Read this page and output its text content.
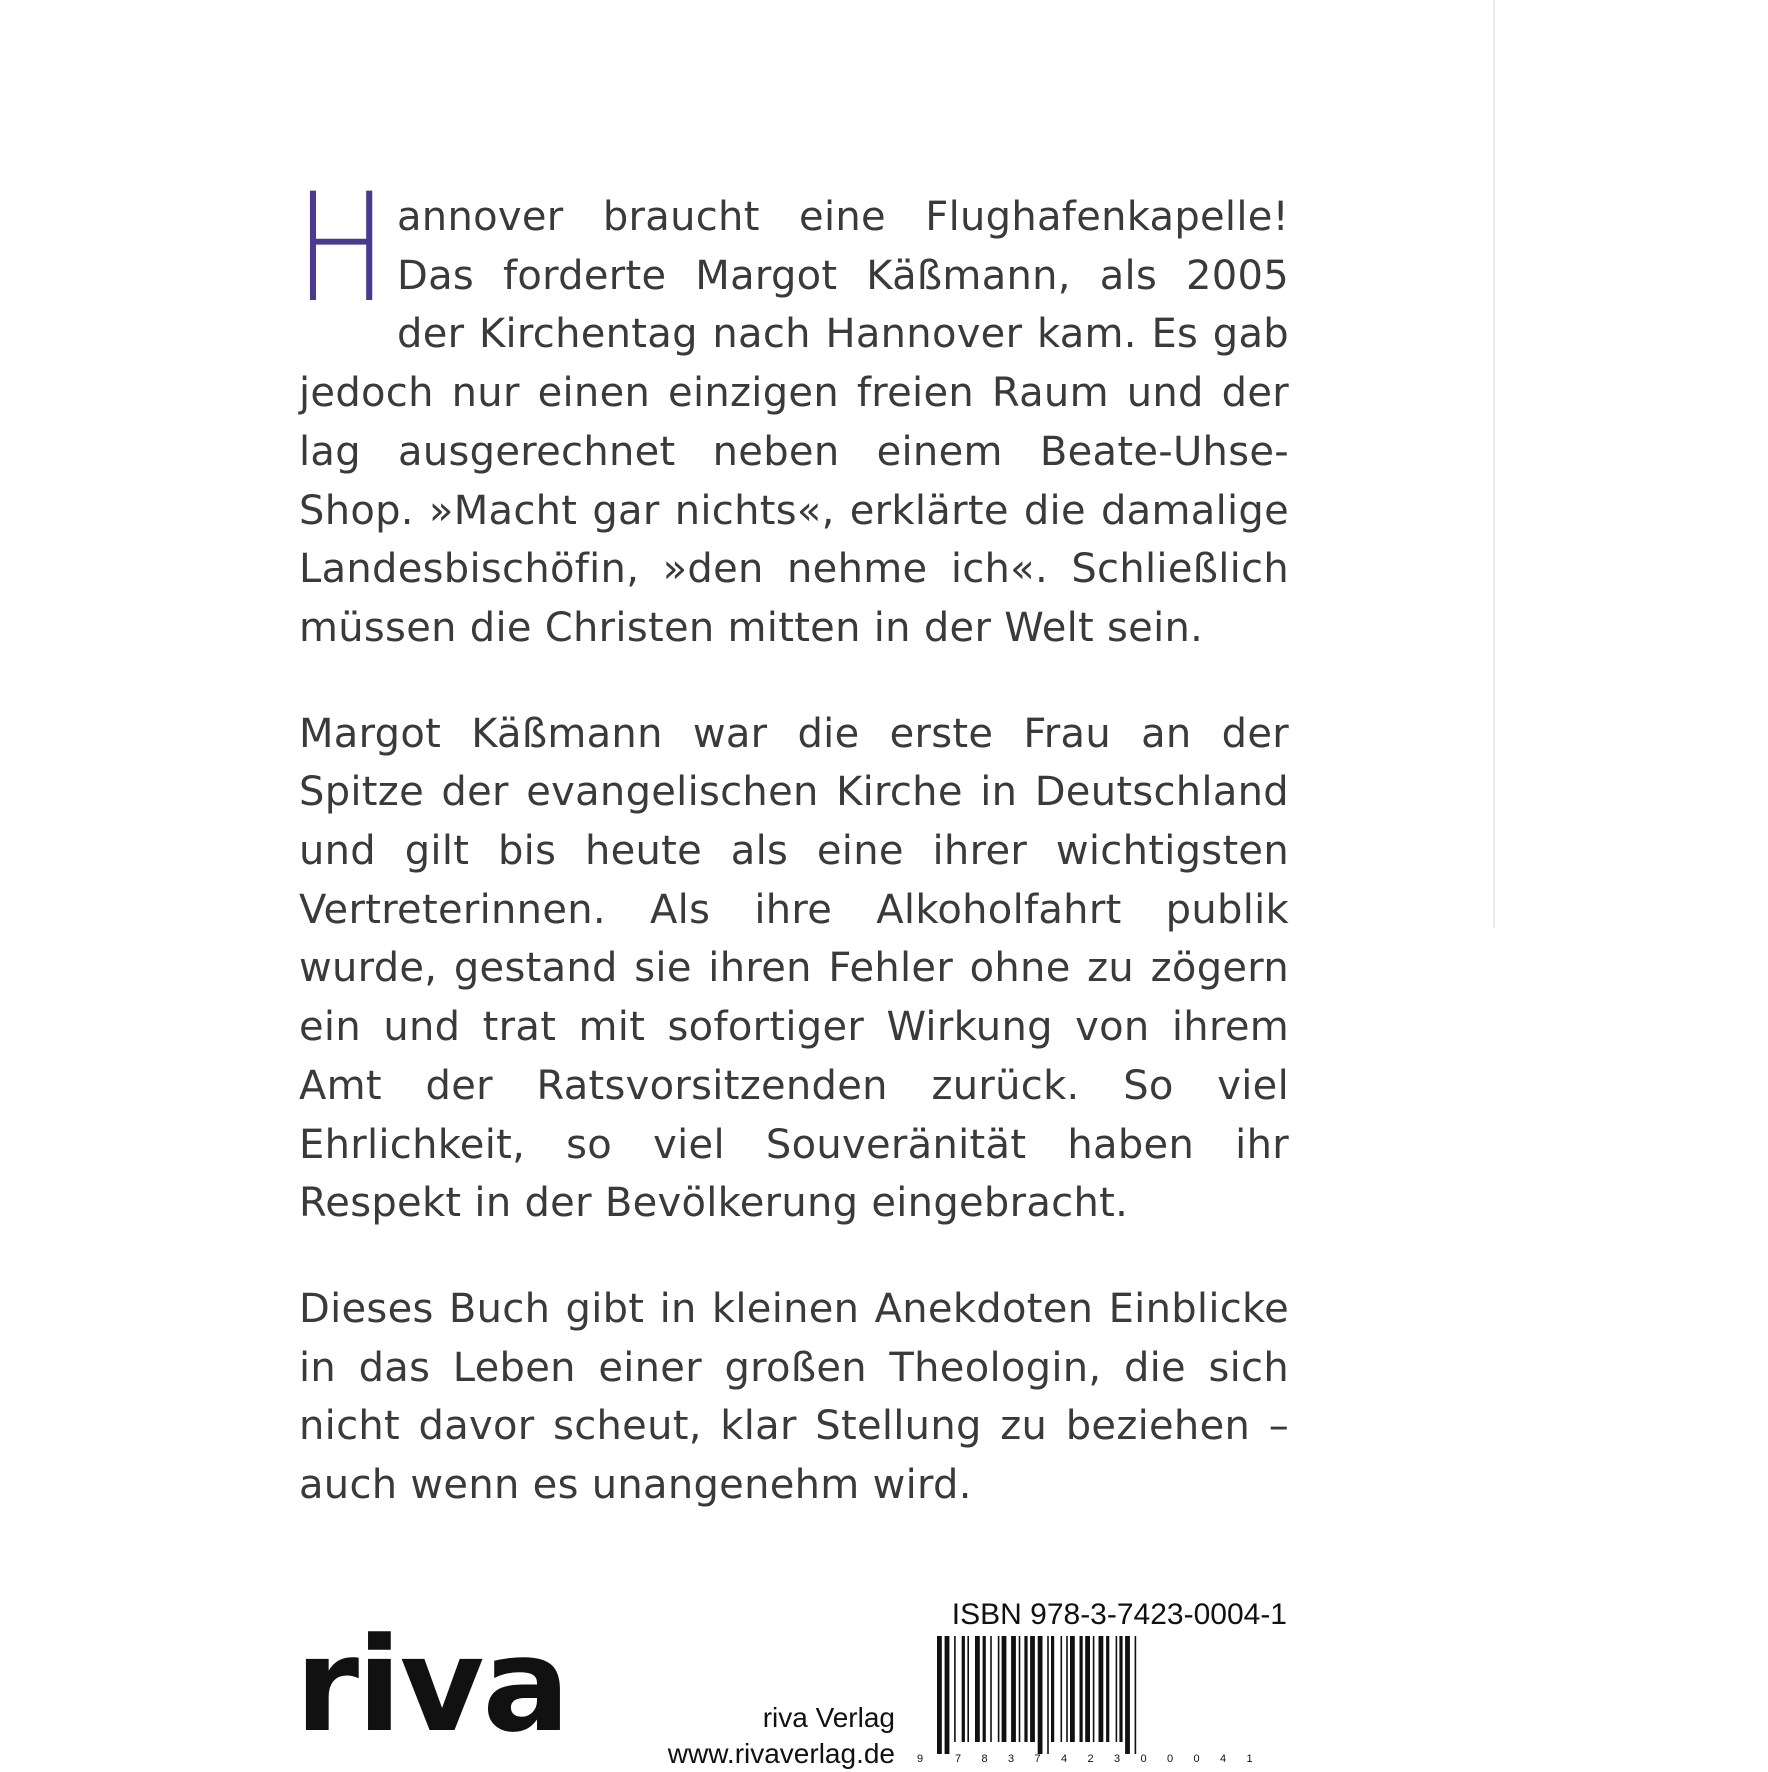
Hannover braucht eine Flughafenkapelle! Das forderte Margot Käßmann, als 2005 der Kirchentag nach Hannover kam. Es gab jedoch nur einen einzigen freien Raum und der lag ausgerechnet neben einem Beate-Uhse-Shop. »Macht gar nichts«, erklärte die damalige Landesbischöfin, »den nehme ich«. Schließlich müssen die Christen mitten in der Welt sein.

Margot Käßmann war die erste Frau an der Spitze der evangelischen Kirche in Deutschland und gilt bis heute als eine ihrer wichtigsten Vertreterinnen. Als ihre Alkoholfahrt publik wurde, gestand sie ihren Fehler ohne zu zögern ein und trat mit sofortiger Wirkung von ihrem Amt der Ratsvorsitzenden zurück. So viel Ehrlichkeit, so viel Souveränität haben ihr Respekt in der Bevölkerung eingebracht.

Dieses Buch gibt in kleinen Anekdoten Einblicke in das Leben einer großen Theologin, die sich nicht davor scheut, klar Stellung zu beziehen – auch wenn es unangenehm wird.

riva	riva Verlag
www.rivaverlag.de
ISBN 978-3-7423-0004-1
9	7 8 3 7 4 2 3 0 0 0 4 1
